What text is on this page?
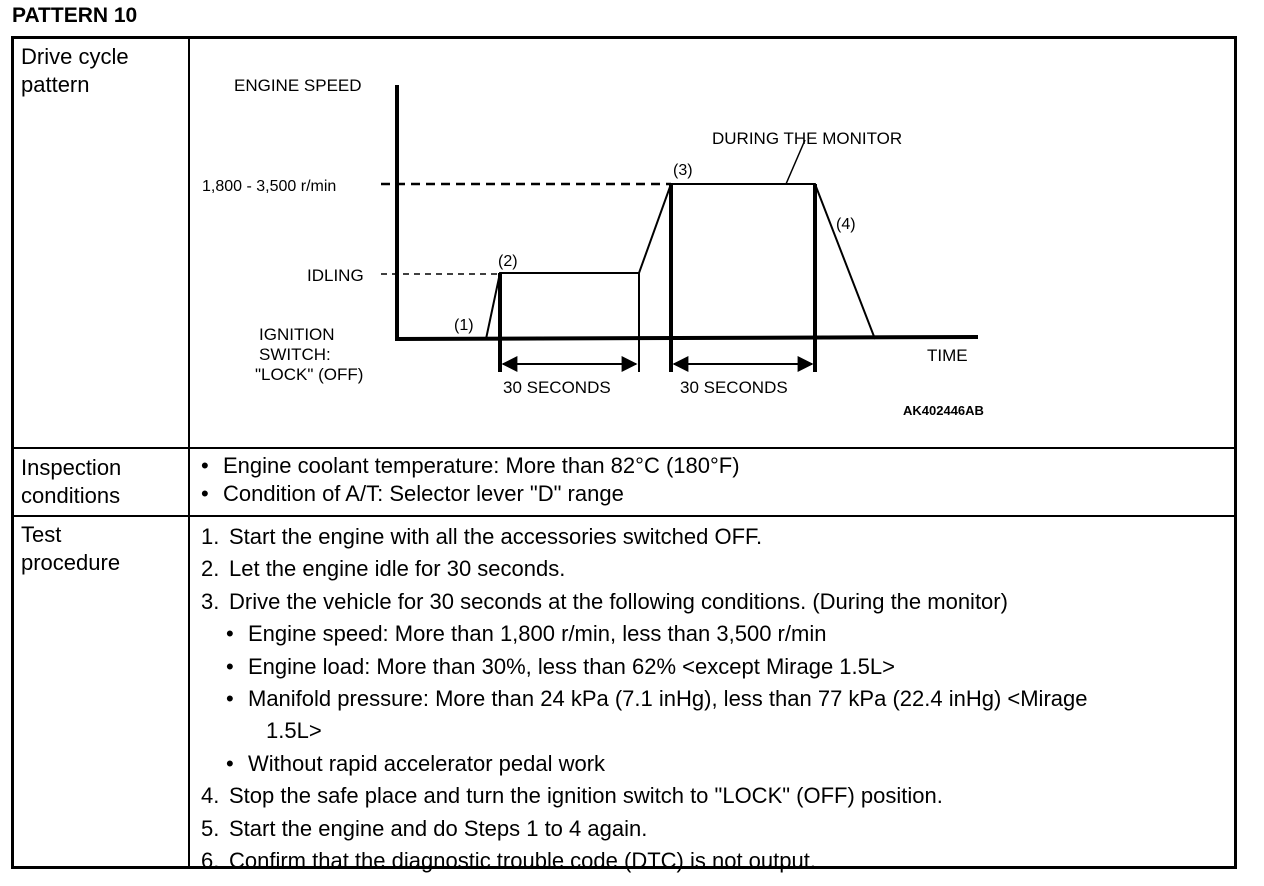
PATTERN 10
Drive cycle
pattern	ENGINE SPEED
1,800 - 3,500 r/min
IDLING
IGNITION
SWITCH:
"LOCK" (OFF)
TIME
DURING THE MONITOR
(1)
(2)
(3)
(4)
30 SECONDS	30 SECONDS
AK402446AB
Inspection
conditions
• Engine coolant temperature: More than 82°C (180°F)
• Condition of A/T: Selector lever "D" range
Test
procedure
1. Start the engine with all the accessories switched OFF.
2. Let the engine idle for 30 seconds.
3. Drive the vehicle for 30 seconds at the following conditions. (During the monitor)
• Engine speed: More than 1,800 r/min, less than 3,500 r/min
• Engine load: More than 30%, less than 62% <except Mirage 1.5L>
• Manifold pressure: More than 24 kPa (7.1 inHg), less than 77 kPa (22.4 inHg) <Mirage
1.5L>
• Without rapid accelerator pedal work
4. Stop the safe place and turn the ignition switch to "LOCK" (OFF) position.
5. Start the engine and do Steps 1 to 4 again.
6. Confirm that the diagnostic trouble code (DTC) is not output.
